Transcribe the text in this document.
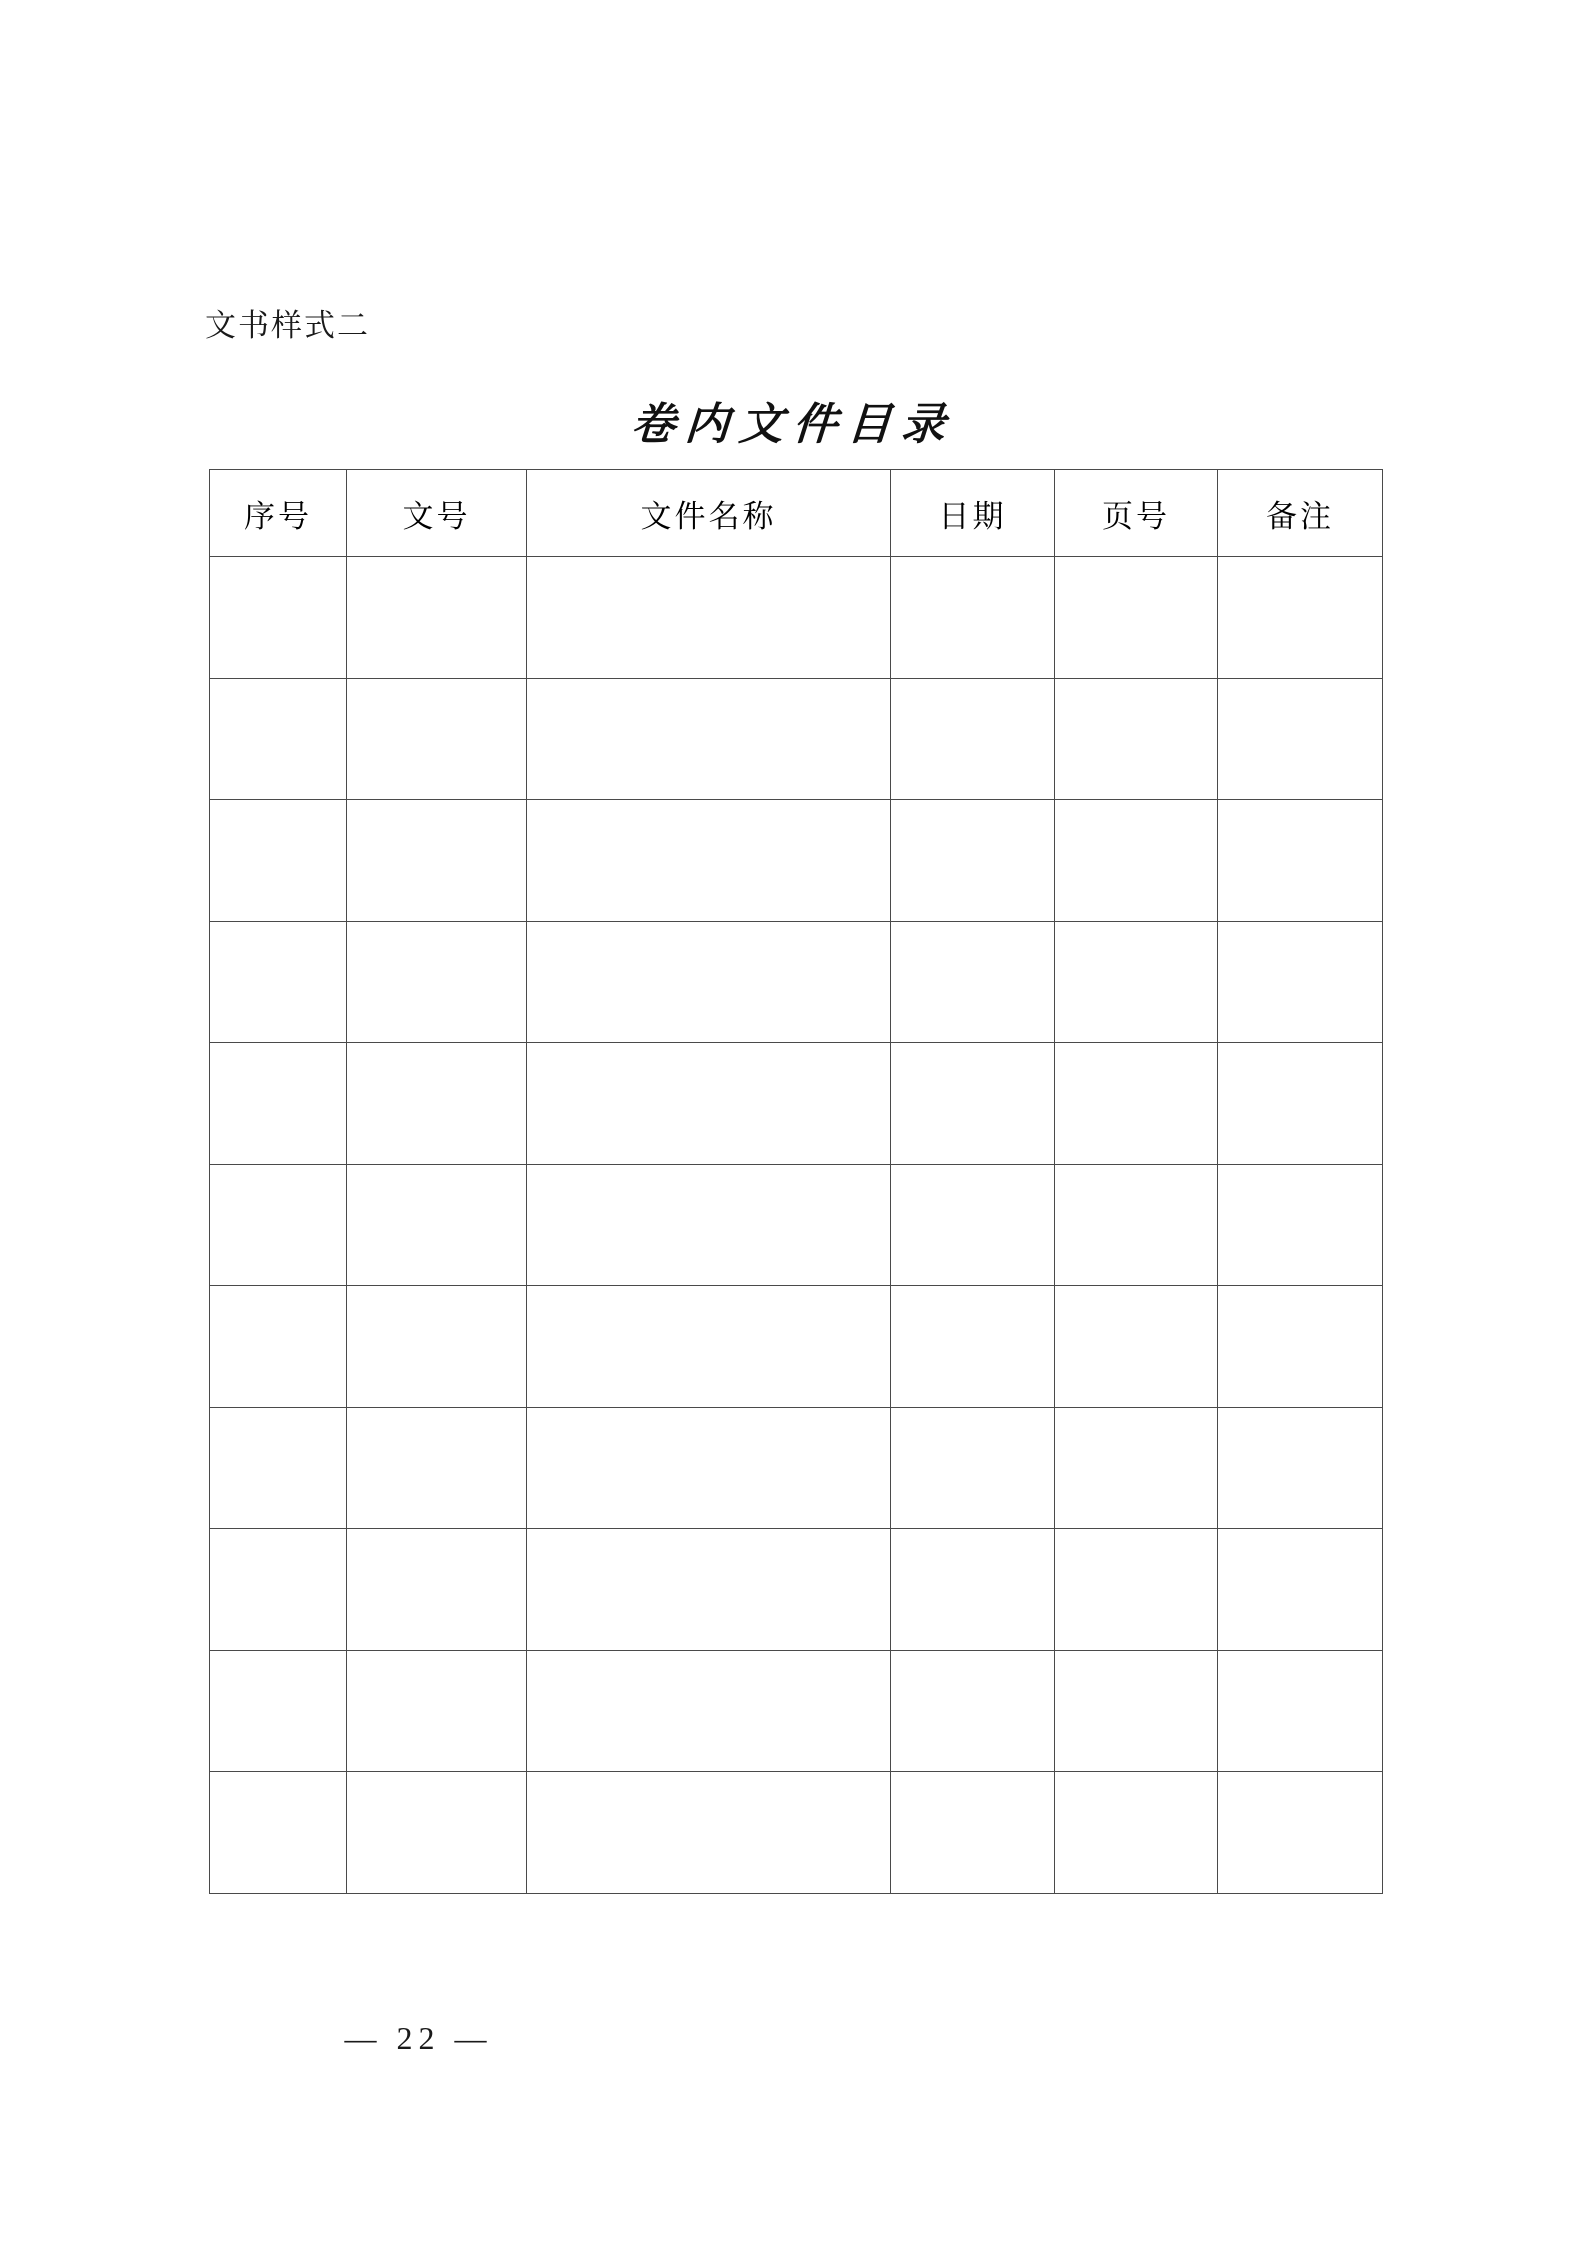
文书样式二
卷内文件目录
序号	文号	文件名称	日期	页号	备注

— 22 —
